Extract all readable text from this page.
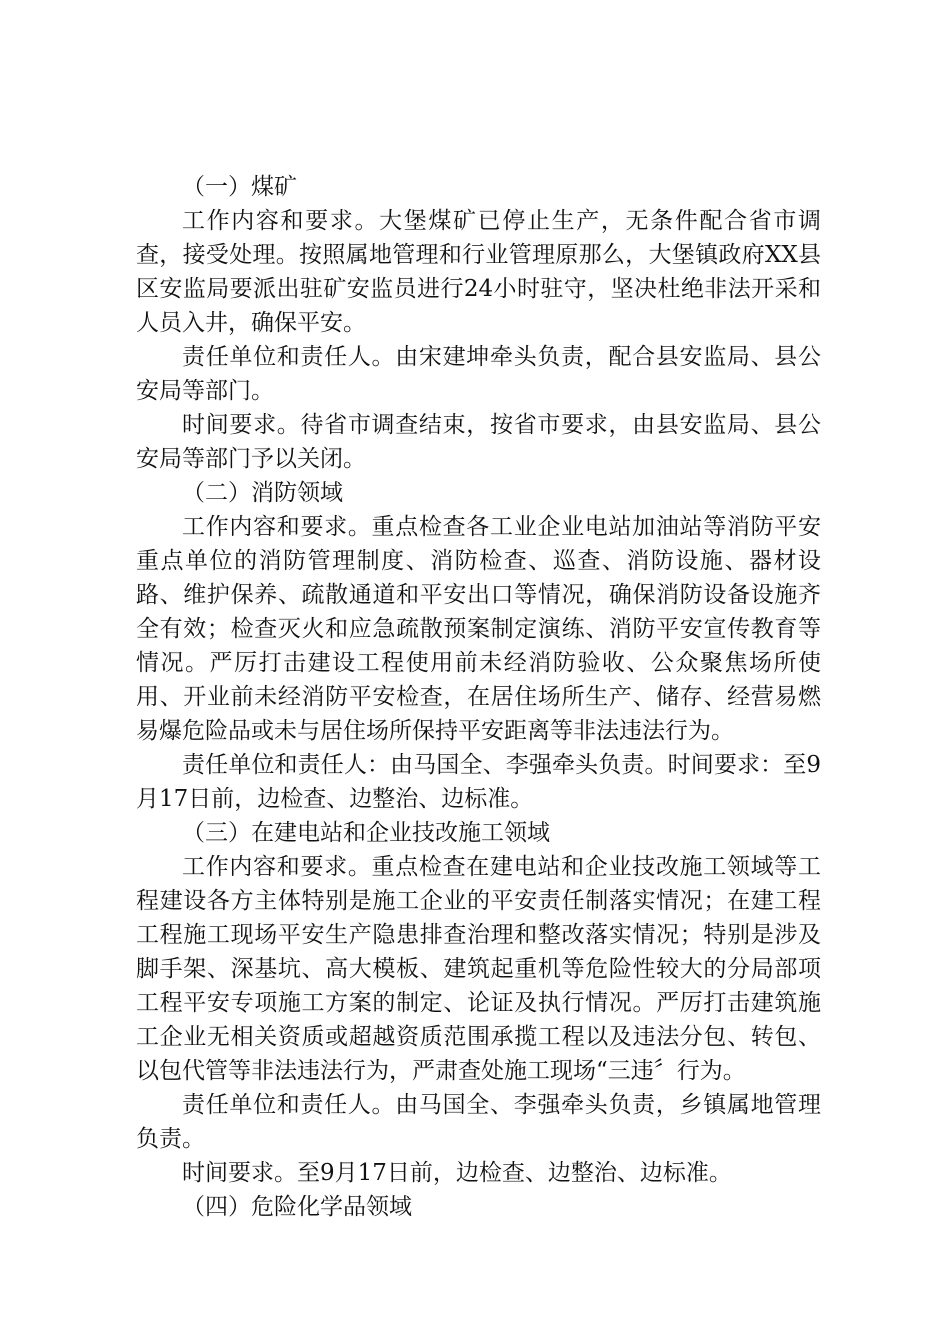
（一）煤矿

工作内容和要求。大堡煤矿已停止生产，无条件配合省市调查，接受处理。按照属地管理和行业管理原那么，大堡镇政府XX县区安监局要派出驻矿安监员进行24小时驻守，坚决杜绝非法开采和人员入井，确保平安。

责任单位和责任人。由宋建坤牵头负责，配合县安监局、县公安局等部门。

时间要求。待省市调查结束，按省市要求，由县安监局、县公安局等部门予以关闭。

（二）消防领域

工作内容和要求。重点检查各工业企业电站加油站等消防平安重点单位的消防管理制度、消防检查、巡查、消防设施、器材设路、维护保养、疏散通道和平安出口等情况，确保消防设备设施齐全有效；检查灭火和应急疏散预案制定演练、消防平安宣传教育等情况。严厉打击建设工程使用前未经消防验收、公众聚焦场所使用、开业前未经消防平安检查，在居住场所生产、储存、经营易燃易爆危险品或未与居住场所保持平安距离等非法违法行为。

责任单位和责任人：由马国全、李强牵头负责。时间要求：至9月17日前，边检查、边整治、边标准。

（三）在建电站和企业技改施工领域

工作内容和要求。重点检查在建电站和企业技改施工领域等工程建设各方主体特别是施工企业的平安责任制落实情况；在建工程工程施工现场平安生产隐患排查治理和整改落实情况；特别是涉及脚手架、深基坑、高大模板、建筑起重机等危险性较大的分局部项工程平安专项施工方案的制定、论证及执行情况。严厉打击建筑施工企业无相关资质或超越资质范围承揽工程以及违法分包、转包、以包代管等非法违法行为，严肃查处施工现场“三违〞行为。

责任单位和责任人。由马国全、李强牵头负责，乡镇属地管理负责。

时间要求。至9月17日前，边检查、边整治、边标准。

（四）危险化学品领域
